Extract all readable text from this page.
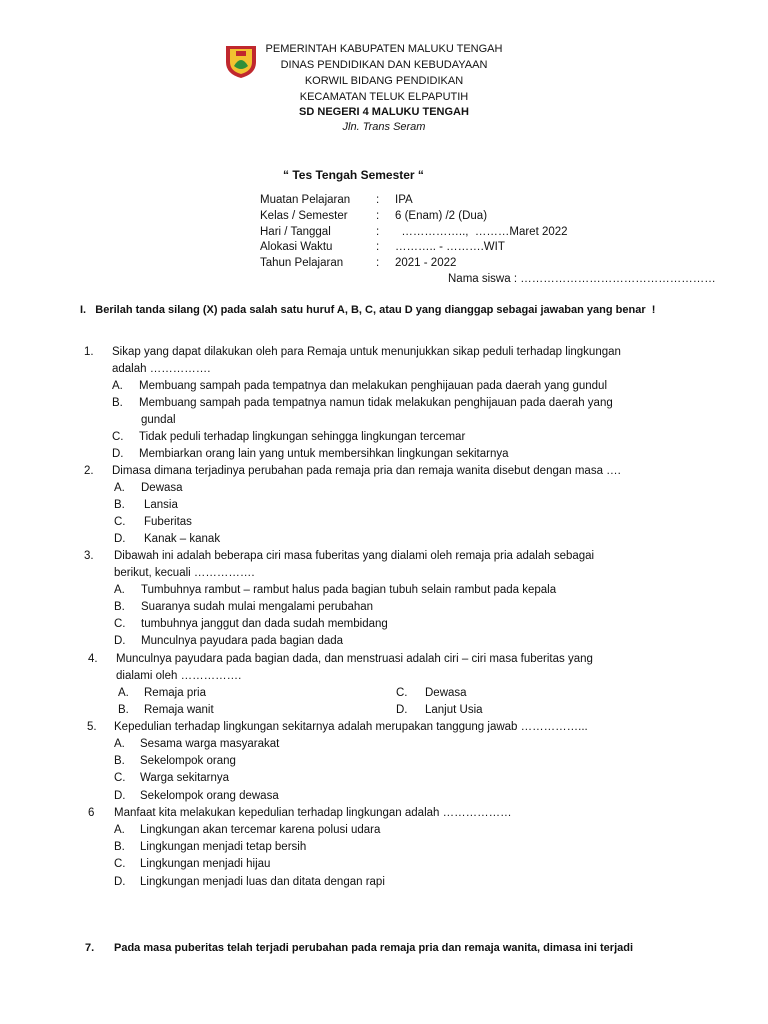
PEMERINTAH KABUPATEN MALUKU TENGAH
DINAS PENDIDIKAN DAN KEBUDAYAAN
KORWIL BIDANG PENDIDIKAN
KECAMATAN TELUK ELPAPUTIH
SD NEGERI 4 MALUKU TENGAH
Jln. Trans Seram
“ Tes Tengah Semester “
Muatan Pelajaran : IPA
Kelas / Semester : 6 (Enam) /2 (Dua)
Hari / Tanggal	: ……………..,  ………Maret 2022
Alokasi Waktu	: ……….. - ……….WIT
Tahun Pelajaran	: 2021 - 2022
Nama siswa : ……………………………………………
I.   Berilah tanda silang (X) pada salah satu huruf A, B, C, atau D yang dianggap sebagai jawaban yang benar  !
1. Sikap yang dapat dilakukan oleh para Remaja untuk menunjukkan sikap peduli terhadap lingkungan
adalah …………….
A. Membuang sampah pada tempatnya dan melakukan penghijauan pada daerah yang gundul
B. Membuang sampah pada tempatnya namun tidak melakukan penghijauan pada daerah yang
gundal
C. Tidak peduli terhadap lingkungan sehingga lingkungan tercemar
D. Membiarkan orang lain yang untuk membersihkan lingkungan sekitarnya
2. Dimasa dimana terjadinya perubahan pada remaja pria dan remaja wanita disebut dengan masa ….
A. Dewasa
B. Lansia
C. Fuberitas
D. Kanak – kanak
3. Dibawah ini adalah beberapa ciri masa fuberitas yang dialami oleh remaja pria adalah sebagai
berikut, kecuali …………….
A. Tumbuhnya rambut – rambut halus pada bagian tubuh selain rambut pada kepala
B. Suaranya sudah mulai mengalami perubahan
C. tumbuhnya janggut dan dada sudah membidang
D. Munculnya payudara pada bagian dada
4. Munculnya payudara pada bagian dada, dan menstruasi adalah ciri – ciri masa fuberitas yang
dialami oleh …………….
A. Remaja pria	C. Dewasa
B. Remaja wanit	D. Lanjut Usia
5. Kepedulian terhadap lingkungan sekitarnya adalah merupakan tanggung jawab ……………...
A. Sesama warga masyarakat
B. Sekelompok orang
C. Warga sekitarnya
D. Sekelompok orang dewasa
6 Manfaat kita melakukan kepedulian terhadap lingkungan adalah ………………
A. Lingkungan akan tercemar karena polusi udara
B. Lingkungan menjadi tetap bersih
C. Lingkungan menjadi hijau
D. Lingkungan menjadi luas dan ditata dengan rapi
7. Pada masa puberitas telah terjadi perubahan pada remaja pria dan remaja wanita, dimasa ini terjadi
